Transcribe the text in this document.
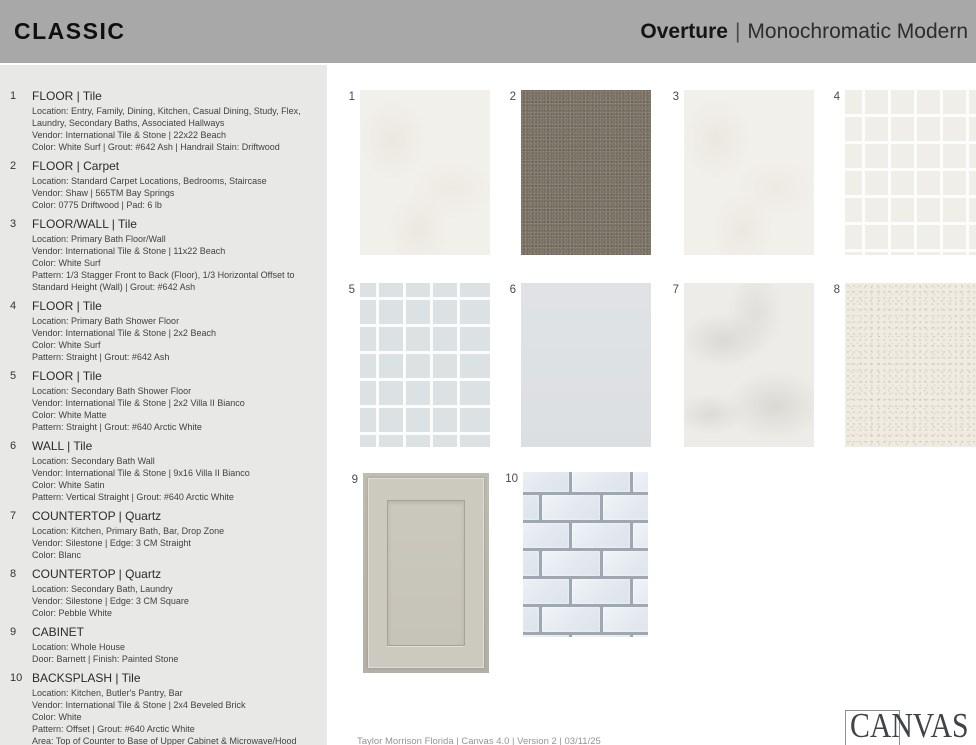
CLASSIC	Overture | Monochromatic Modern
1	FLOOR | Tile
Location: Entry, Family, Dining, Kitchen, Casual Dining, Study, Flex, Laundry, Secondary Baths, Associated Hallways
Vendor: International Tile & Stone | 22x22 Beach
Color: White Surf | Grout: #642 Ash | Handrail Stain: Driftwood
2	FLOOR | Carpet
Location: Standard Carpet Locations, Bedrooms, Staircase
Vendor: Shaw | 565TM Bay Springs
Color: 0775 Driftwood | Pad: 6 lb
3	FLOOR/WALL | Tile
Location: Primary Bath Floor/Wall
Vendor: International Tile & Stone | 11x22 Beach
Color: White Surf
Pattern: 1/3 Stagger Front to Back (Floor), 1/3 Horizontal Offset to Standard Height (Wall) | Grout: #642 Ash
4	FLOOR | Tile
Location: Primary Bath Shower Floor
Vendor: International Tile & Stone | 2x2 Beach
Color: White Surf
Pattern: Straight | Grout: #642 Ash
5	FLOOR | Tile
Location: Secondary Bath Shower Floor
Vendor: International Tile & Stone | 2x2 Villa II Bianco
Color: White Matte
Pattern: Straight | Grout: #640 Arctic White
6	WALL | Tile
Location: Secondary Bath Wall
Vendor: International Tile & Stone | 9x16 Villa II Bianco
Color: White Satin
Pattern: Vertical Straight | Grout: #640 Arctic White
7	COUNTERTOP | Quartz
Location: Kitchen, Primary Bath, Bar, Drop Zone
Vendor: Silestone | Edge: 3 CM Straight
Color: Blanc
8	COUNTERTOP | Quartz
Location: Secondary Bath, Laundry
Vendor: Silestone | Edge: 3 CM Square
Color: Pebble White
9	CABINET
Location: Whole House
Door: Barnett | Finish: Painted Stone
10 BACKSPLASH | Tile
Location: Kitchen, Butler's Pantry, Bar
Vendor: International Tile & Stone | 2x4 Beveled Brick
Color: White
Pattern: Offset | Grout: #640 Arctic White
Area: Top of Counter to Base of Upper Cabinet & Microwave/Hood
1	2	3	4
5	6	7	8
9	10
Taylor Morrison Florida | Canvas 4.0 | Version 2 | 03/11/25	CANVAS
